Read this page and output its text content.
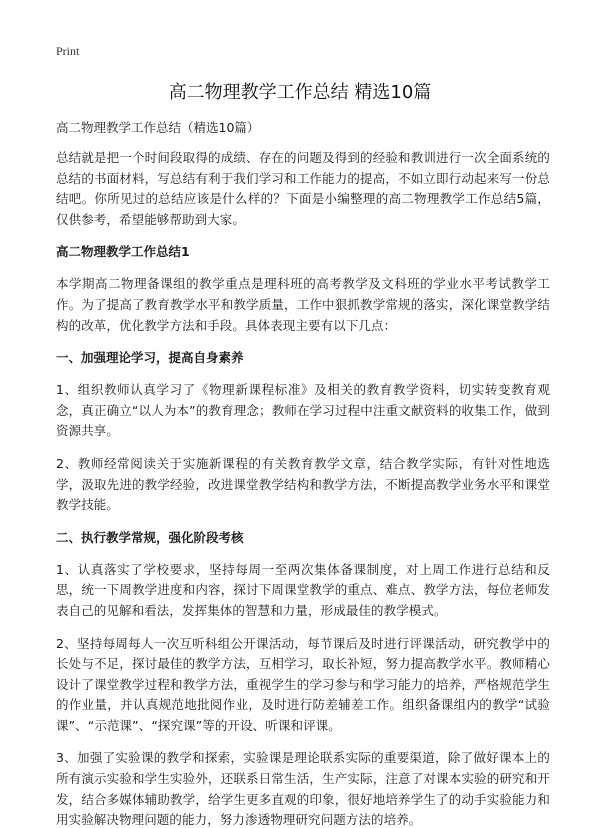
Print
高二物理教学工作总结 精选10篇
高二物理教学工作总结（精选10篇）

总结就是把一个时间段取得的成绩、存在的问题及得到的经验和教训进行一次全面系统的总结的书面材料，写总结有利于我们学习和工作能力的提高，不如立即行动起来写一份总结吧。你所见过的总结应该是什么样的？下面是小编整理的高二物理教学工作总结5篇，仅供参考，希望能够帮助到大家。

高二物理教学工作总结1

本学期高二物理备课组的教学重点是理科班的高考教学及文科班的学业水平考试教学工作。为了提高了教育教学水平和教学质量，工作中狠抓教学常规的落实，深化课堂教学结构的改革，优化教学方法和手段。具体表现主要有以下几点：

一、加强理论学习，提高自身素养

1、组织教师认真学习了《物理新课程标准》及相关的教育教学资料，切实转变教育观念，真正确立“以人为本”的教育理念；教师在学习过程中注重文献资料的收集工作，做到资源共享。

2、教师经常阅读关于实施新课程的有关教育教学文章，结合教学实际，有针对性地选学，汲取先进的教学经验，改进课堂教学结构和教学方法，不断提高教学业务水平和课堂教学技能。

二、执行教学常规，强化阶段考核

1、认真落实了学校要求，坚持每周一至两次集体备课制度，对上周工作进行总结和反思，统一下周教学进度和内容，探讨下周课堂教学的重点、难点、教学方法，每位老师发表自己的见解和看法，发挥集体的智慧和力量，形成最佳的教学模式。

2、坚持每周每人一次互听科组公开课活动，每节课后及时进行评课活动，研究教学中的长处与不足，探讨最佳的教学方法，互相学习，取长补短，努力提高教学水平。教师精心设计了课堂教学过程和教学方法，重视学生的学习参与和学习能力的培养，严格规范学生的作业量，并认真规范地批阅作业，及时进行防差辅差工作。组织备课组内的教学“试验课”、“示范课”、“探究课”等的开设、听课和评课。

3、加强了实验课的教学和探索，实验课是理论联系实际的重要渠道，除了做好课本上的所有演示实验和学生实验外，还联系日常生活，生产实际，注意了对课本实验的研究和开发，结合多媒体辅助教学，给学生更多直观的印象，很好地培养学生了的动手实验能力和用实验解决物理问题的能力，努力渗透物理研究问题方法的培养。
